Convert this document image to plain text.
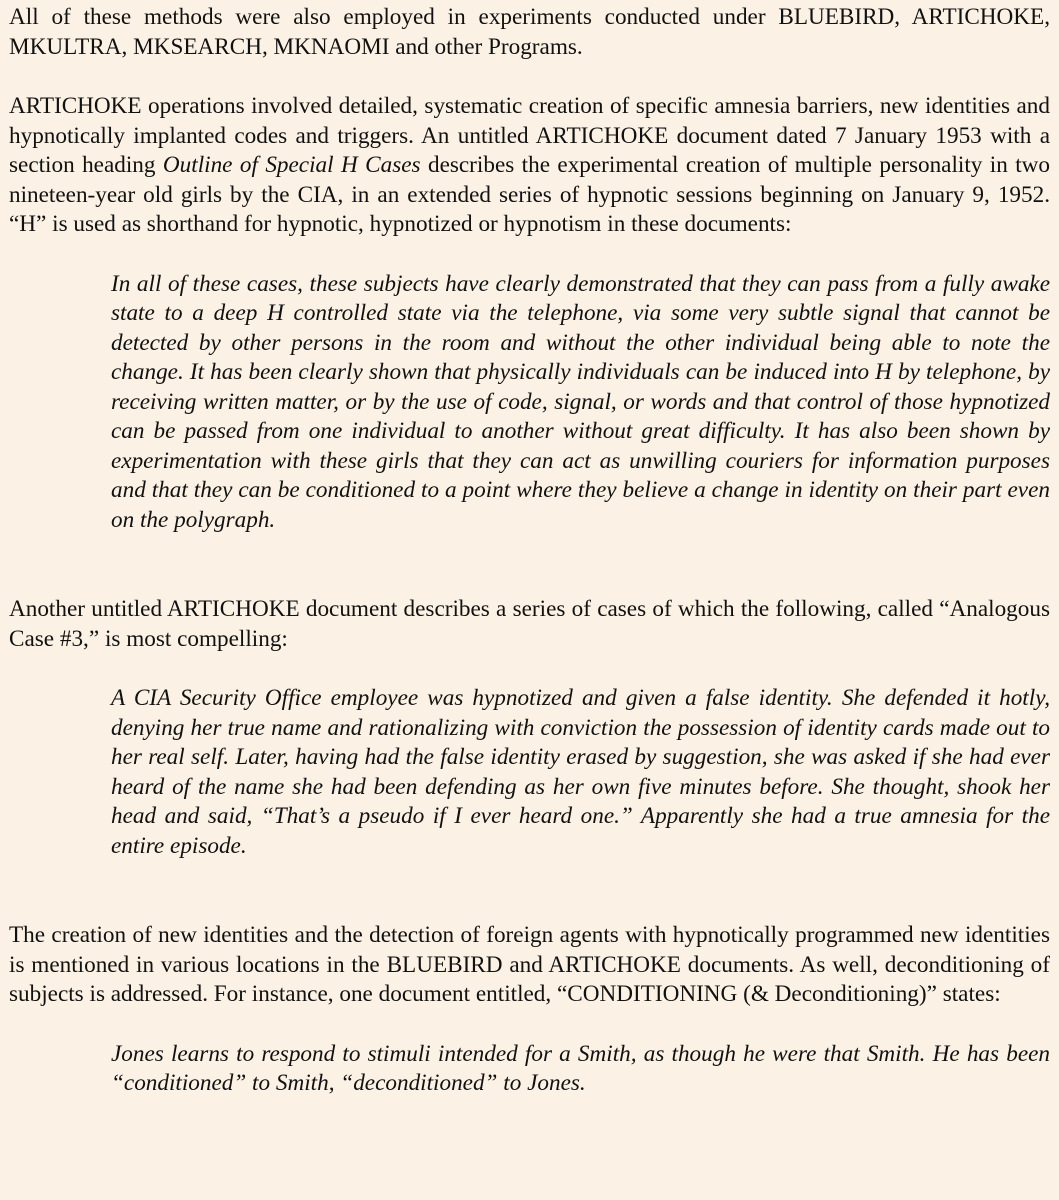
All of these methods were also employed in experiments conducted under BLUEBIRD, ARTICHOKE, MKULTRA, MKSEARCH, MKNAOMI and other Programs.

ARTICHOKE operations involved detailed, systematic creation of specific amnesia barriers, new identities and hypnotically implanted codes and triggers. An untitled ARTICHOKE document dated 7 January 1953 with a section heading Outline of Special H Cases describes the experimental creation of multiple personality in two nineteen-year old girls by the CIA, in an extended series of hypnotic sessions beginning on January 9, 1952. “H” is used as shorthand for hypnotic, hypnotized or hypnotism in these documents:

In all of these cases, these subjects have clearly demonstrated that they can pass from a fully awake state to a deep H controlled state via the telephone, via some very subtle signal that cannot be detected by other persons in the room and without the other individual being able to note the change. It has been clearly shown that physically individuals can be induced into H by telephone, by receiving written matter, or by the use of code, signal, or words and that control of those hypnotized can be passed from one individual to another without great difficulty. It has also been shown by experimentation with these girls that they can act as unwilling couriers for information purposes and that they can be conditioned to a point where they believe a change in identity on their part even on the polygraph.

Another untitled ARTICHOKE document describes a series of cases of which the following, called “Analogous Case #3,” is most compelling:

A CIA Security Office employee was hypnotized and given a false identity. She defended it hotly, denying her true name and rationalizing with conviction the possession of identity cards made out to her real self. Later, having had the false identity erased by suggestion, she was asked if she had ever heard of the name she had been defending as her own five minutes before. She thought, shook her head and said, “That’s a pseudo if I ever heard one.” Apparently she had a true amnesia for the entire episode.

The creation of new identities and the detection of foreign agents with hypnotically programmed new identities is mentioned in various locations in the BLUEBIRD and ARTICHOKE documents. As well, deconditioning of subjects is addressed. For instance, one document entitled, “CONDITIONING (& Deconditioning)” states:

Jones learns to respond to stimuli intended for a Smith, as though he were that Smith. He has been “conditioned” to Smith, “deconditioned” to Jones.
